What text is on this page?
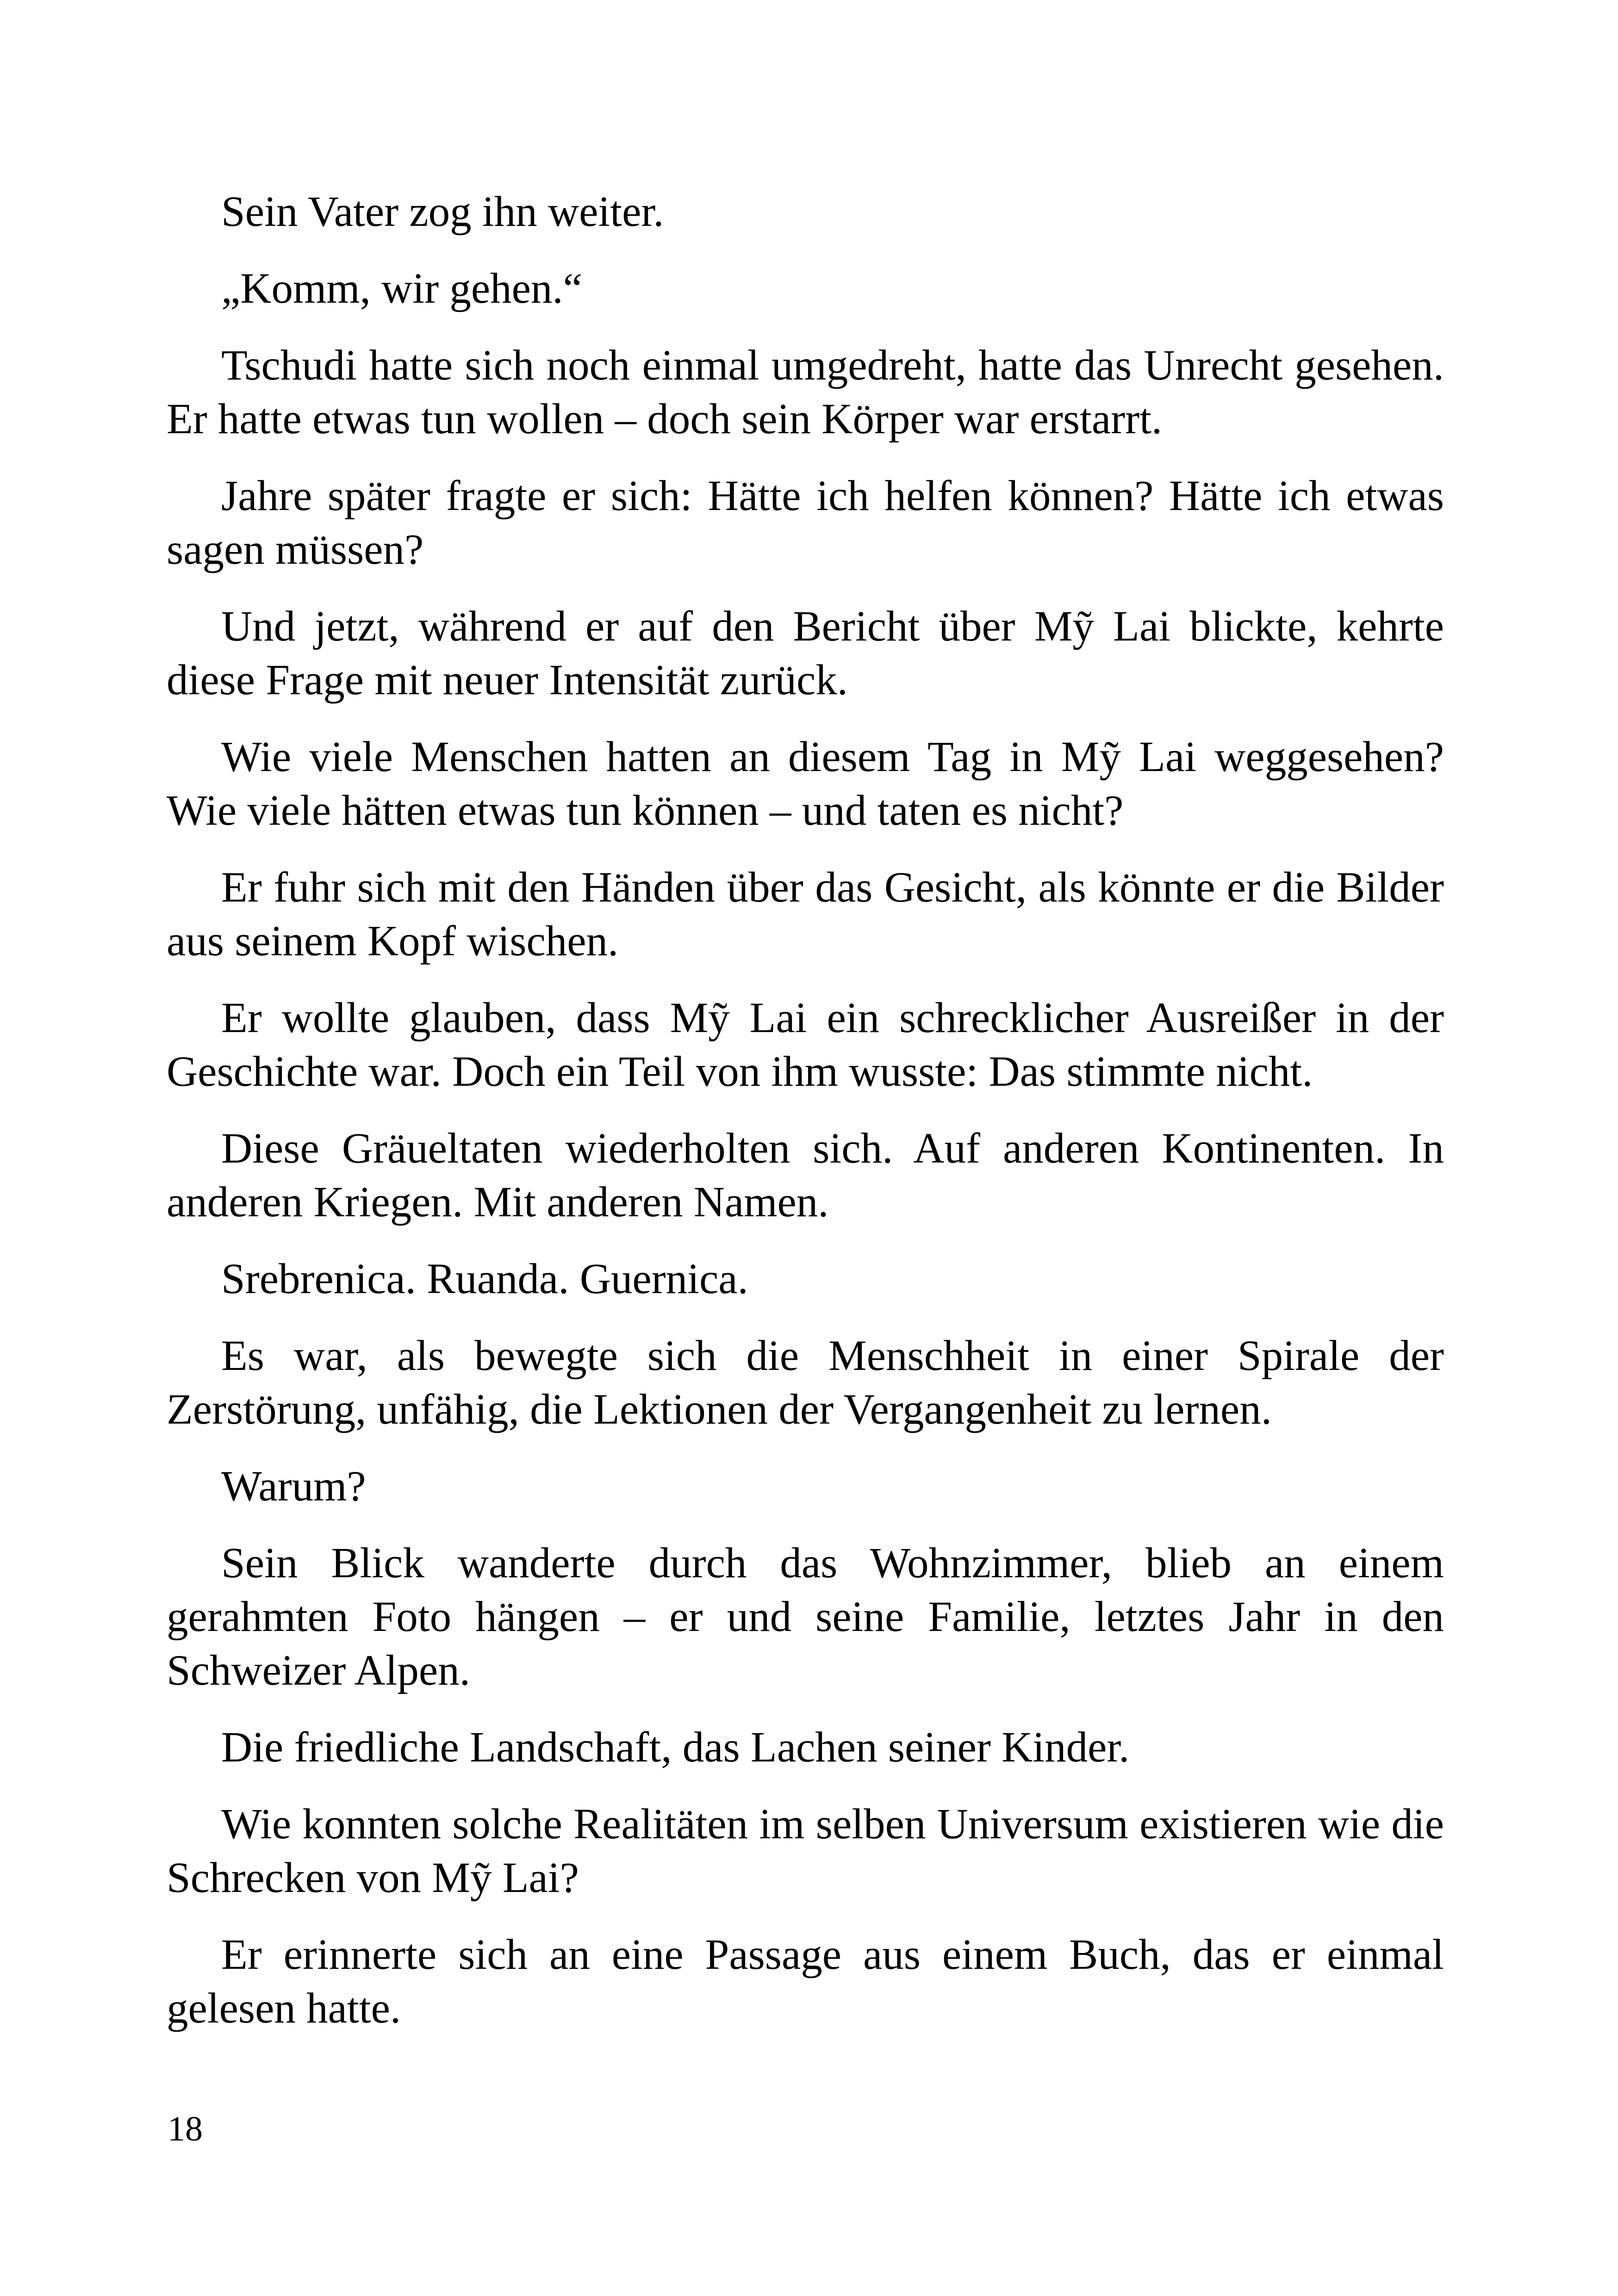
Sein Vater zog ihn weiter.

„Komm, wir gehen.“

Tschudi hatte sich noch einmal umgedreht, hatte das Unrecht gesehen. Er hatte etwas tun wollen – doch sein Körper war erstarrt.

Jahre später fragte er sich: Hätte ich helfen können? Hätte ich etwas sagen müssen?

Und jetzt, während er auf den Bericht über Mỹ Lai blickte, kehrte diese Frage mit neuer Intensität zurück.

Wie viele Menschen hatten an diesem Tag in Mỹ Lai weggesehen? Wie viele hätten etwas tun können – und taten es nicht?

Er fuhr sich mit den Händen über das Gesicht, als könnte er die Bilder aus seinem Kopf wischen.

Er wollte glauben, dass Mỹ Lai ein schrecklicher Ausreißer in der Geschichte war. Doch ein Teil von ihm wusste: Das stimmte nicht.

Diese Gräueltaten wiederholten sich. Auf anderen Kontinenten. In anderen Kriegen. Mit anderen Namen.

Srebrenica. Ruanda. Guernica.

Es war, als bewegte sich die Menschheit in einer Spirale der Zerstörung, unfähig, die Lektionen der Vergangenheit zu lernen.

Warum?

Sein Blick wanderte durch das Wohnzimmer, blieb an einem gerahmten Foto hängen – er und seine Familie, letztes Jahr in den Schweizer Alpen.

Die friedliche Landschaft, das Lachen seiner Kinder.

Wie konnten solche Realitäten im selben Universum existieren wie die Schrecken von Mỹ Lai?

Er erinnerte sich an eine Passage aus einem Buch, das er einmal gelesen hatte.

18
